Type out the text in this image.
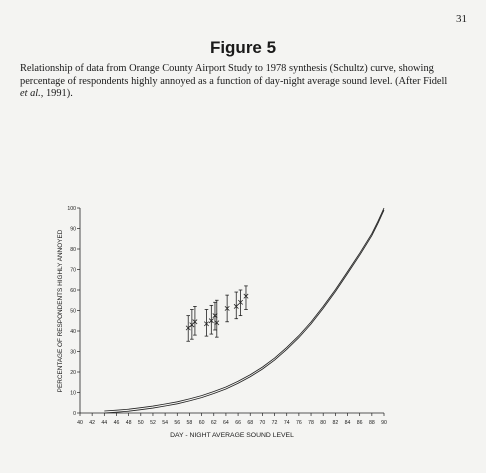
31
Figure 5
Relationship of data from Orange County Airport Study to 1978 synthesis (Schultz) curve, showing
percentage of respondents highly annoyed as a function of day-night average sound level. (After Fidell
et al., 1991).
0
10
20
30
40
50
60
70
80
90
100
40 42 44 46 48 50 52 54 56 58 60 62 64 66 68 70 72 74 76 78 80 82 84 86 88 90
PERCENTAGE OF RESPONDENTS HIGHLY ANNOYED
DAY - NIGHT AVERAGE SOUND LEVEL
